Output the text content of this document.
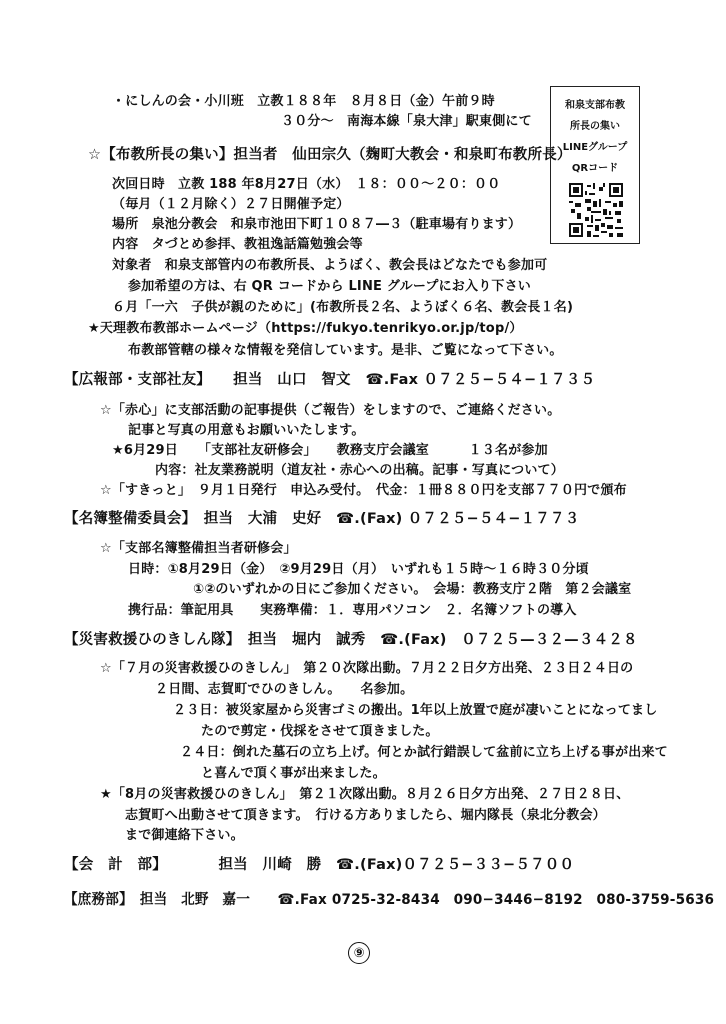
・にしんの会・小川班　立教１８８年　８月８日（金）午前９時
３０分〜　南海本線「泉大津」駅東側にて
☆【布教所長の集い】担当者　仙田宗久（麹町大教会・和泉町布教所長）
次回日時　立教 188 年8月27日（水）　１８：００〜２０：００
（毎月（１２月除く）２７日開催予定）
場所　泉池分教会　和泉市池田下町１０８７―３（駐車場有ります）
内容　タづとめ参拝、教祖逸話篇勉強会等
対象者　和泉支部管内の布教所長、ようぼく、教会長はどなたでも参加可
参加希望の方は、右 QR コードから LINE グループにお入り下さい
６月「一六　子供が親のために」(布教所長２名、ようぼく６名、教会長１名)
★天理教布教部ホームページ（https://fukyo.tenrikyo.or.jp/top/）
布教部管轄の様々な情報を発信しています。是非、ご覧になって下さい。
【広報部・支部社友】　　担当　山口　智文　☎.Fax ０７２５−５４−１７３５
☆「赤心」に支部活動の記事提供（ご報告）をしますので、ご連絡ください。
記事と写真の用意もお願いいたします。
★6月29日　　「支部社友研修会」　　教務支庁会議室　　　１３名が参加
内容：社友業務説明（道友社・赤心への出稿。記事・写真について）
☆「すきっと」　９月１日発行　申込み受付。　代金：１冊８８０円を支部７７０円で頒布
【名簿整備委員会】　担当　大浦　史好　☎.(Fax) ０７２５−５４−１７７３
☆「支部名簿整備担当者研修会」
日時：①8月29日（金）　②9月29日（月）　いずれも１５時〜１６時３０分頃
①②のいずれかの日にご参加ください。　会場：教務支庁２階　第２会議室
携行品：筆記用具　　実務準備：１．専用パソコン　２．名簿ソフトの導入
【災害救援ひのきしん隊】　担当　堀内　誠秀　☎.(Fax)　０７２５—３２—３４２８
☆「７月の災害救援ひのきしん」　第２０次隊出動。７月２２日夕方出発、２３日２４日の
２日間、志賀町でひのきしん。　　名参加。
２３日：被災家屋から災害ゴミの搬出。1年以上放置で庭が凄いことになってまし
たので剪定・伐採をさせて頂きました。
２４日：倒れた墓石の立ち上げ。何とか試行錯誤して盆前に立ち上げる事が出来て
と喜んで頂く事が出来ました。
★「8月の災害救援ひのきしん」　第２１次隊出動。８月２６日夕方出発、２７日２８日、
志賀町へ出動させて頂きます。　行ける方ありましたら、堀内隊長（泉北分教会）
まで御連絡下さい。
【会　計　部】　　　　担当　川崎　勝　☎.(Fax)０７２５−３３−５７００
【庶務部】　担当　北野　嘉一　　☎.Fax 0725-32-8434　090−3446−8192　080-3759-5636
和泉支部布教
所長の集い
LINEグループ
QRコード
⑨
